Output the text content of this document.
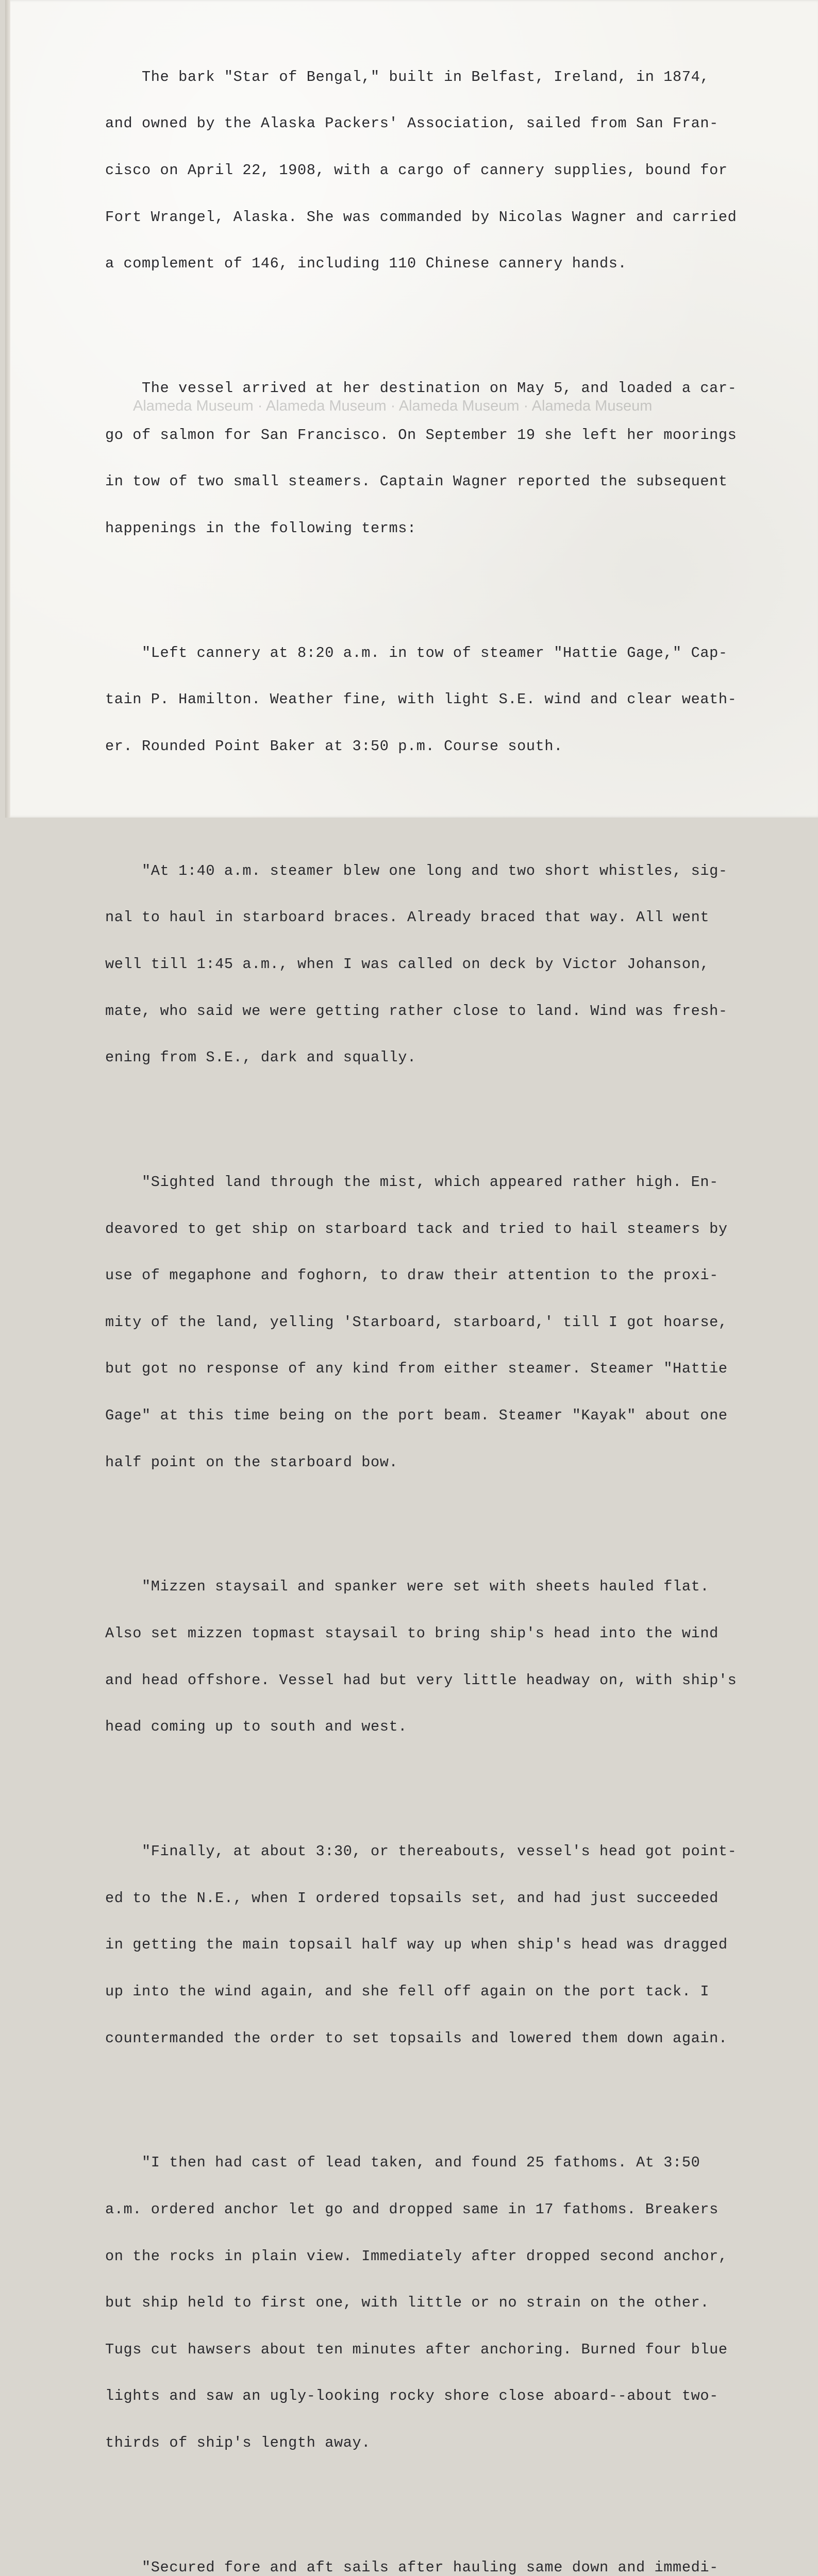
The bark "Star of Bengal," built in Belfast, Ireland, in 1874,

and owned by the Alaska Packers' Association, sailed from San Fran-

cisco on April 22, 1908, with a cargo of cannery supplies, bound for

Fort Wrangel, Alaska. She was commanded by Nicolas Wagner and carried

a complement of 146, including 110 Chinese cannery hands.

The vessel arrived at her destination on May 5, and loaded a car-

go of salmon for San Francisco. On September 19 she left her moorings

in tow of two small steamers. Captain Wagner reported the subsequent

happenings in the following terms:

"Left cannery at 8:20 a.m. in tow of steamer "Hattie Gage," Cap-

tain P. Hamilton. Weather fine, with light S.E. wind and clear weath-

er. Rounded Point Baker at 3:50 p.m. Course south.

"At 1:40 a.m. steamer blew one long and two short whistles, sig-

nal to haul in starboard braces. Already braced that way. All went

well till 1:45 a.m., when I was called on deck by Victor Johanson,

mate, who said we were getting rather close to land. Wind was fresh-

ening from S.E., dark and squally.

"Sighted land through the mist, which appeared rather high. En-

deavored to get ship on starboard tack and tried to hail steamers by

use of megaphone and foghorn, to draw their attention to the proxi-

mity of the land, yelling 'Starboard, starboard,' till I got hoarse,

but got no response of any kind from either steamer. Steamer "Hattie

Gage" at this time being on the port beam. Steamer "Kayak" about one

half point on the starboard bow.

"Mizzen staysail and spanker were set with sheets hauled flat.

Also set mizzen topmast staysail to bring ship's head into the wind

and head offshore. Vessel had but very little headway on, with ship's

head coming up to south and west.

"Finally, at about 3:30, or thereabouts, vessel's head got point-

ed to the N.E., when I ordered topsails set, and had just succeeded

in getting the main topsail half way up when ship's head was dragged

up into the wind again, and she fell off again on the port tack. I

countermanded the order to set topsails and lowered them down again.

"I then had cast of lead taken, and found 25 fathoms. At 3:50

a.m. ordered anchor let go and dropped same in 17 fathoms. Breakers

on the rocks in plain view. Immediately after dropped second anchor,

but ship held to first one, with little or no strain on the other.

Tugs cut hawsers about ten minutes after anchoring. Burned four blue

lights and saw an ugly-looking rocky shore close aboard--about two-

thirds of ship's length away.

"Secured fore and aft sails after hauling same down and immedi-

Alameda Museum · Alameda Museum · Alameda Museum · Alameda Museum
